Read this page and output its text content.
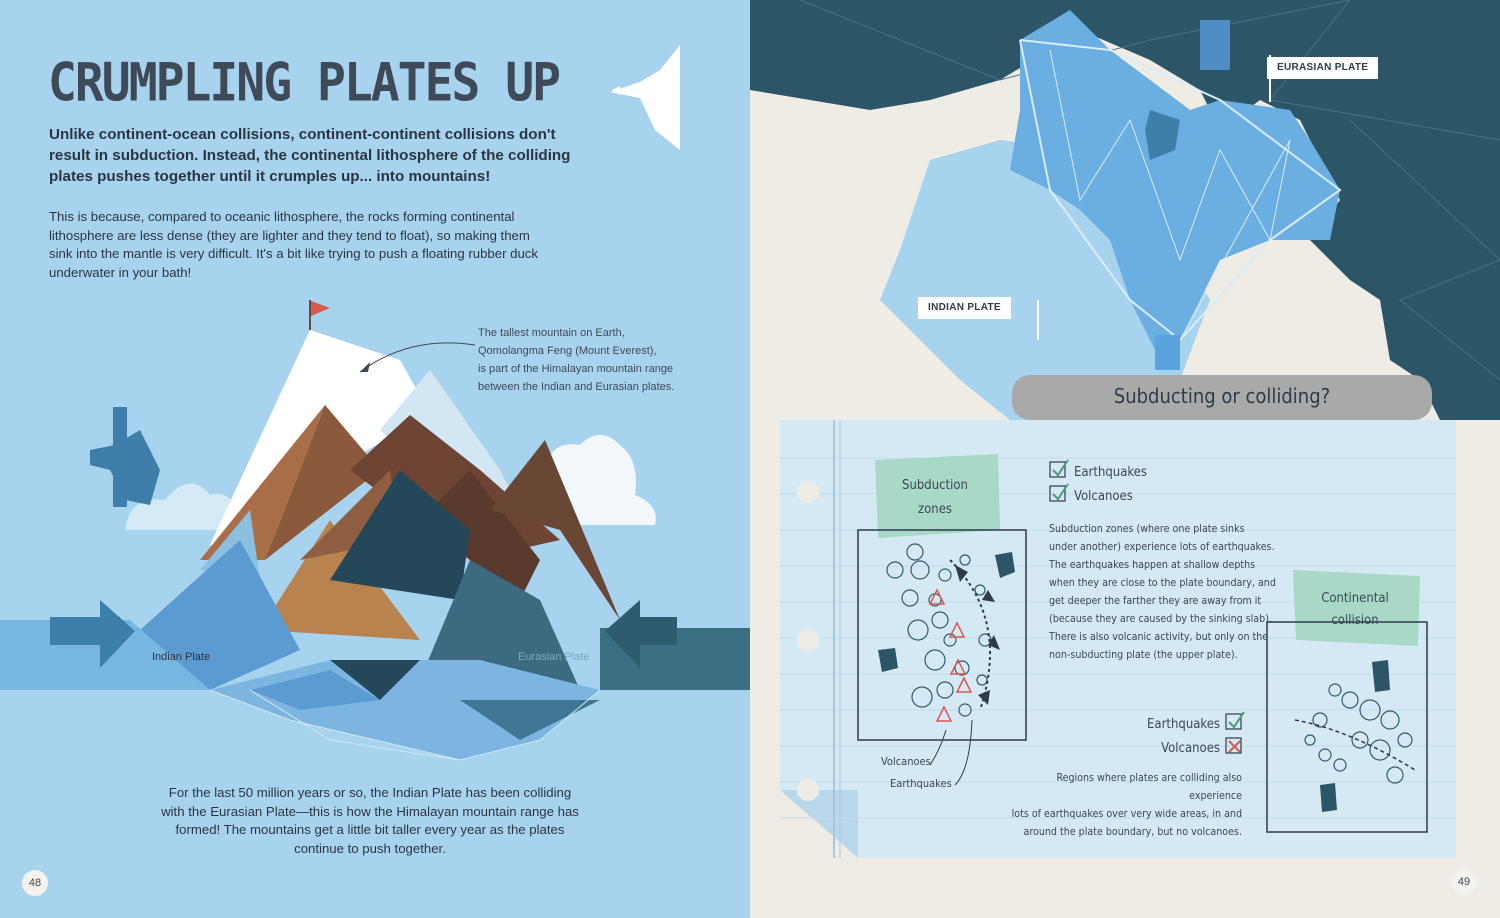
CRUMPLING PLATES UP
Unlike continent-ocean collisions, continent-continent collisions don't result in subduction. Instead, the continental lithosphere of the colliding plates pushes together until it crumples up... into mountains!
This is because, compared to oceanic lithosphere, the rocks forming continental lithosphere are less dense (they are lighter and they tend to float), so making them sink into the mantle is very difficult. It's a bit like trying to push a floating rubber duck underwater in your bath!
The tallest mountain on Earth,
Qomolangma Feng (Mount Everest),
is part of the Himalayan mountain range
between the Indian and Eurasian plates.
Indian Plate	Eurasian Plate
For the last 50 million years or so, the Indian Plate has been colliding with the Eurasian Plate—this is how the Himalayan mountain range has formed! The mountains get a little bit taller every year as the plates continue to push together.
48
EURASIAN PLATE
INDIAN PLATE
Subducting or colliding?
Subduction
zones
Earthquakes
Volcanoes
Subduction zones (where one plate sinks
under another) experience lots of earthquakes.
The earthquakes happen at shallow depths
when they are close to the plate boundary, and
get deeper the farther they are away from it
(because they are caused by the sinking slab).
There is also volcanic activity, but only on the
non-subducting plate (the upper plate).
Continental
collision
Earthquakes
Volcanoes
Volcanoes
Earthquakes	Regions where plates are colliding also experience
lots of earthquakes over very wide areas, in and
around the plate boundary, but no volcanoes.
49
